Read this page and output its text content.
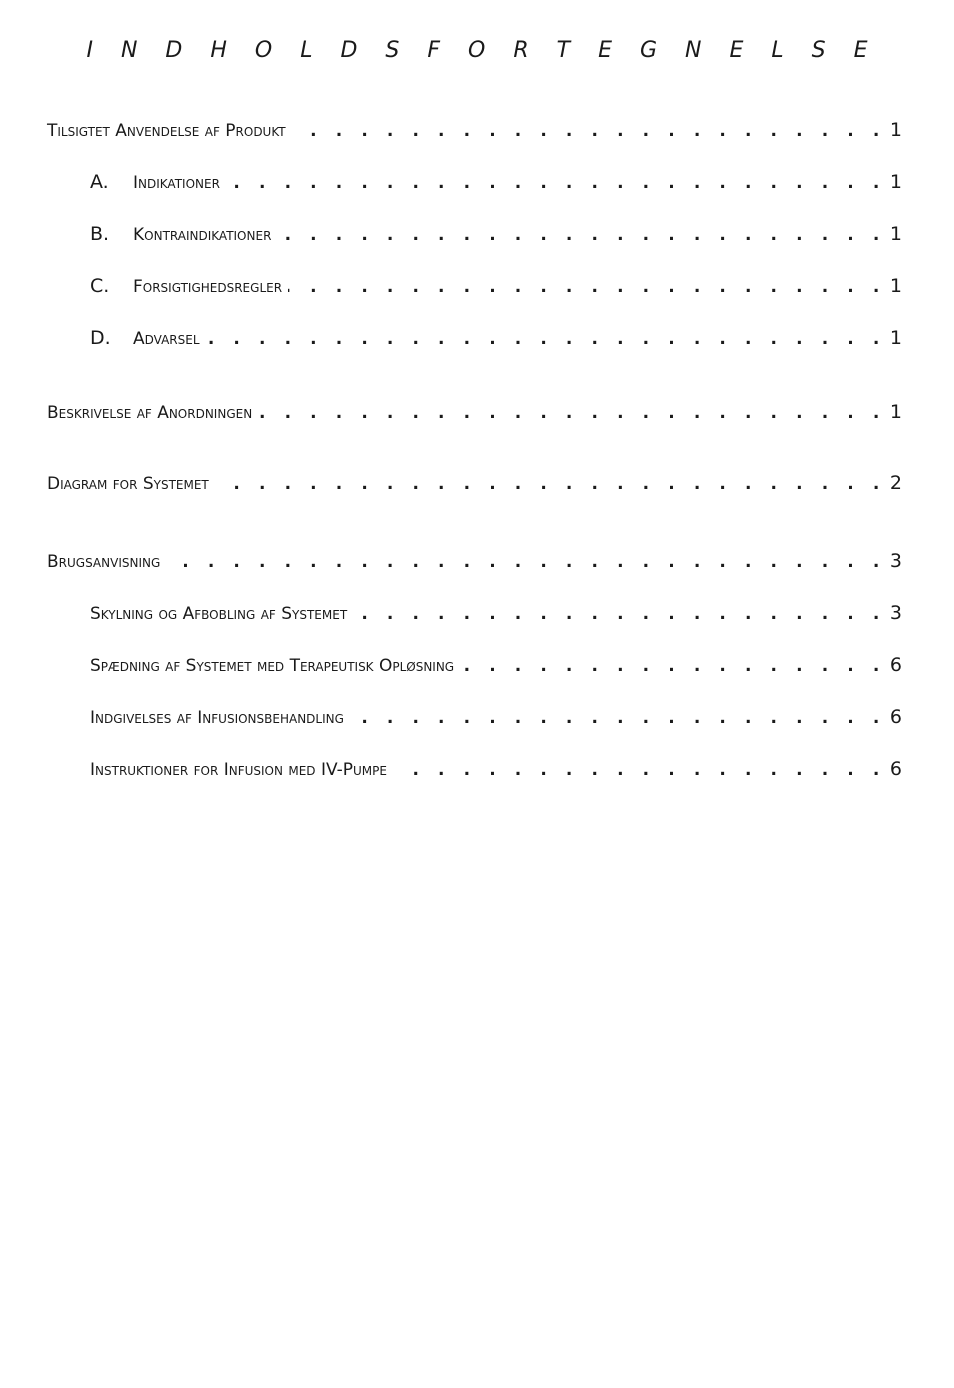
INDHOLDSFORTEGNELSE
Tilsigtet Anvendelse af Produkt . . .	1
A.	Indikationer . . .	1
B.	Kontraindikationer . . .	1
C.	Forsigtighedsregler . . .	1
D.	Advarsel . . .	1
Beskrivelse af Anordningen . . .	1
Diagram for Systemet . . .	2
Brugsanvisning . . .	3
Skylning og Afbobling af Systemet . . .	3
Spædning af Systemet med Terapeutisk Opløsning . . .	6
Indgivelses af Infusionsbehandling . . .	6
Instruktioner for Infusion med IV-Pumpe . . .	6
